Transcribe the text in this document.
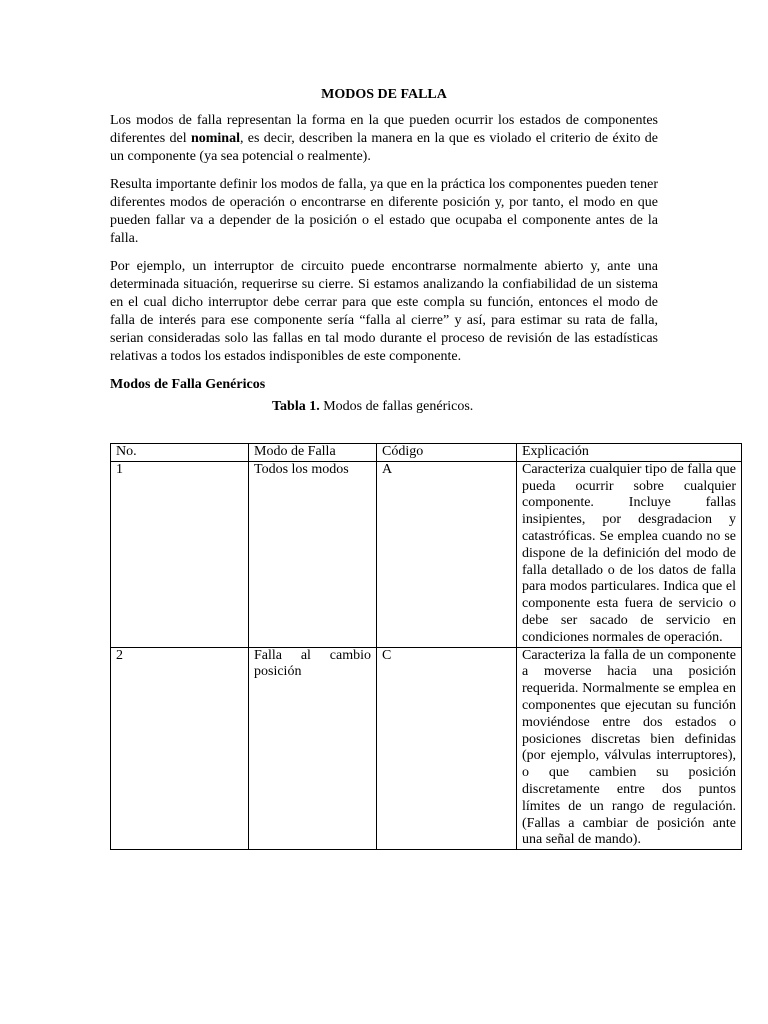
MODOS DE FALLA

Los modos de falla representan la forma en la que pueden ocurrir los estados de componentes diferentes del nominal, es decir, describen la manera en la que es violado el criterio de éxito de un componente (ya sea potencial o realmente).

Resulta importante definir los modos de falla, ya que en la práctica los componentes pueden tener diferentes modos de operación o encontrarse en diferente posición y, por tanto, el modo en que pueden fallar va a depender de la posición o el estado que ocupaba el componente antes de la falla.

Por ejemplo, un interruptor de circuito puede encontrarse normalmente abierto y, ante una determinada situación, requerirse su cierre. Si estamos analizando la confiabilidad de un sistema en el cual dicho interruptor debe cerrar para que este compla su función, entonces el modo de falla de interés para ese componente sería “falla al cierre” y así, para estimar su rata de falla, serian consideradas solo las fallas en tal modo durante el proceso de revisión de las estadísticas relativas a todos los estados indisponibles de este componente.

Modos de Falla Genéricos

Tabla 1. Modos de fallas genéricos.

No.	Modo de Falla	Código	Explicación
1	Todos los modos	A	Caracteriza cualquier tipo de falla que pueda ocurrir sobre cualquier componente. Incluye fallas insipientes, por desgradacion y catastróficas. Se emplea cuando no se dispone de la definición del modo de falla detallado o de los datos de falla para modos particulares. Indica que el componente esta fuera de servicio o debe ser sacado de servicio en condiciones normales de operación.
2	Falla al cambio posición	C	Caracteriza la falla de un componente a moverse hacia una posición requerida. Normalmente se emplea en componentes que ejecutan su función moviéndose entre dos estados o posiciones discretas bien definidas (por ejemplo, válvulas interruptores), o que cambien su posición discretamente entre dos puntos límites de un rango de regulación. (Fallas a cambiar de posición ante una señal de mando).
